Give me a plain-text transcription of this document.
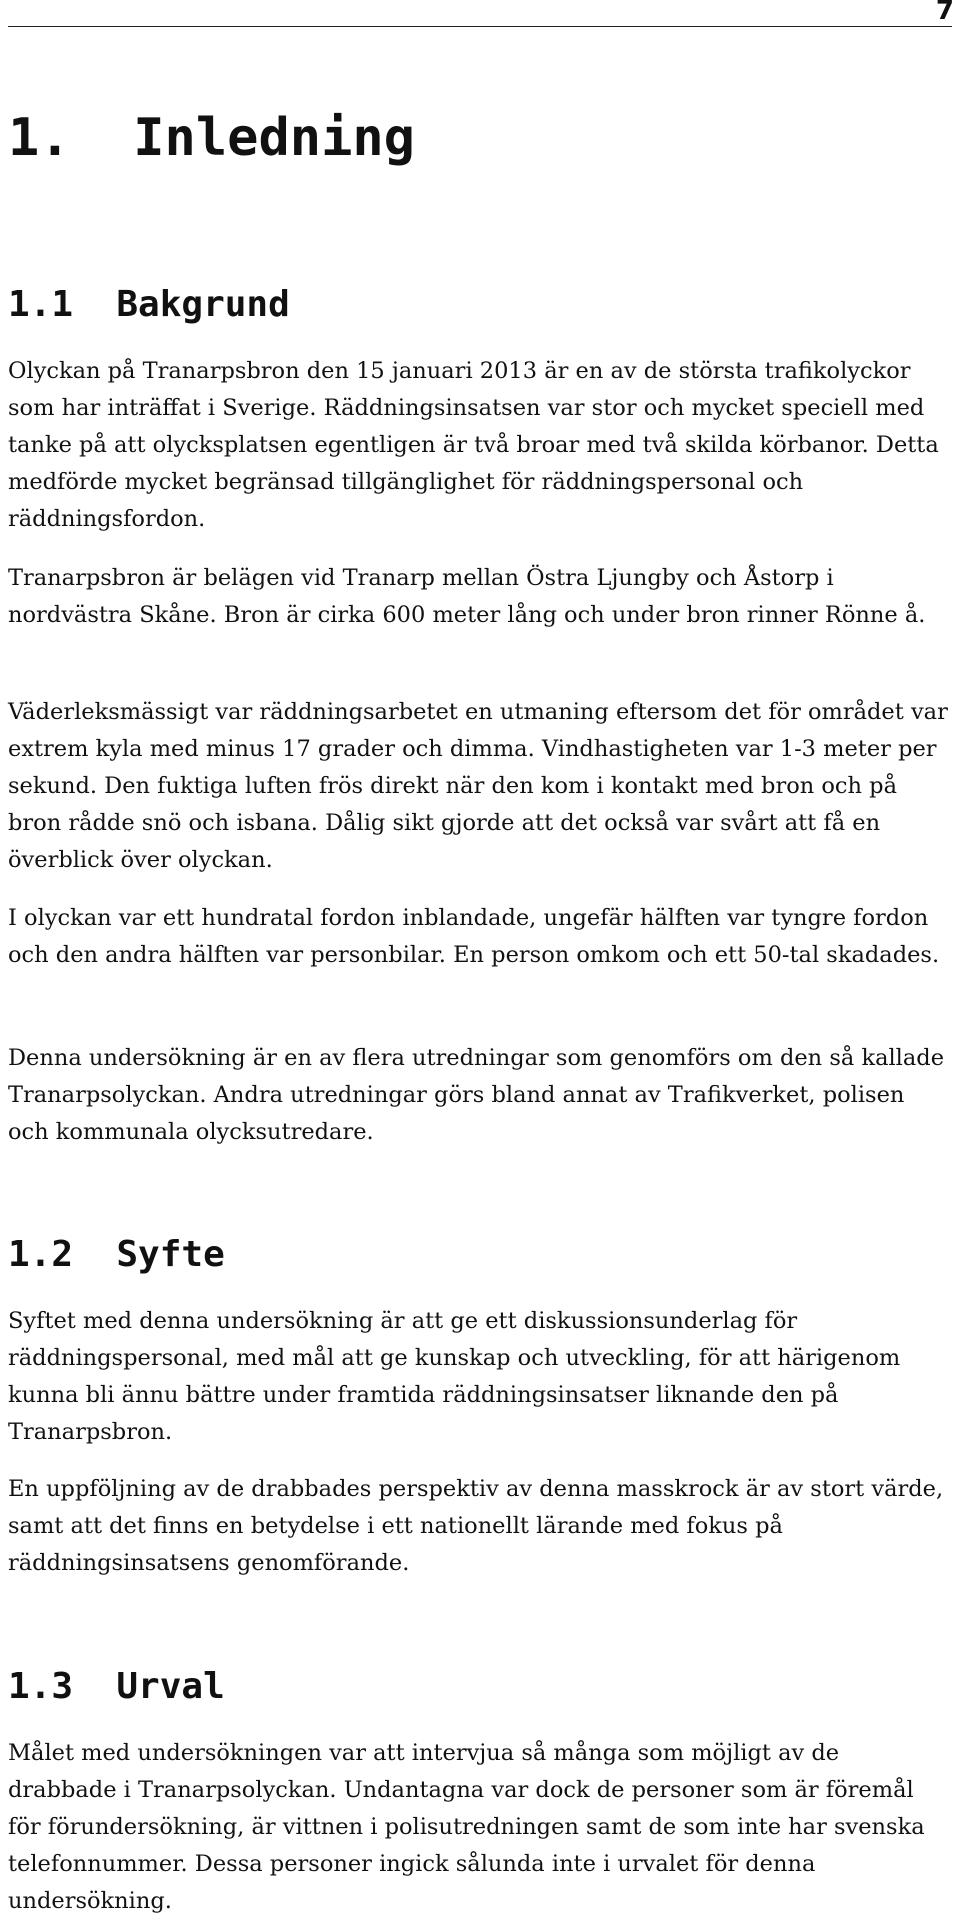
7
1.  Inledning
1.1  Bakgrund

Olyckan på Tranarpsbron den 15 januari 2013 är en av de största trafikolyckor som har inträffat i Sverige. Räddningsinsatsen var stor och mycket speciell med tanke på att olycksplatsen egentligen är två broar med två skilda körbanor. Detta medförde mycket begränsad tillgänglighet för räddningspersonal och räddningsfordon.

Tranarpsbron är belägen vid Tranarp mellan Östra Ljungby och Åstorp i nordvästra Skåne. Bron är cirka 600 meter lång och under bron rinner Rönne å.

Väderleksmässigt var räddningsarbetet en utmaning eftersom det för området var extrem kyla med minus 17 grader och dimma. Vindhastigheten var 1-3 meter per sekund. Den fuktiga luften frös direkt när den kom i kontakt med bron och på bron rådde snö och isbana. Dålig sikt gjorde att det också var svårt att få en överblick över olyckan.

I olyckan var ett hundratal fordon inblandade, ungefär hälften var tyngre fordon och den andra hälften var personbilar. En person omkom och ett 50-tal skadades.

Denna undersökning är en av flera utredningar som genomförs om den så kallade Tranarpsolyckan. Andra utredningar görs bland annat av Trafikverket, polisen och kommunala olycksutredare.

1.2  Syfte

Syftet med denna undersökning är att ge ett diskussionsunderlag för räddningspersonal, med mål att ge kunskap och utveckling, för att härigenom kunna bli ännu bättre under framtida räddningsinsatser liknande den på Tranarpsbron.

En uppföljning av de drabbades perspektiv av denna masskrock är av stort värde, samt att det finns en betydelse i ett nationellt lärande med fokus på räddningsinsatsens genomförande.

1.3  Urval

Målet med undersökningen var att intervjua så många som möjligt av de drabbade i Tranarpsolyckan. Undantagna var dock de personer som är föremål för förundersökning, är vittnen i polisutredningen samt de som inte har svenska telefonnummer. Dessa personer ingick sålunda inte i urvalet för denna undersökning.
